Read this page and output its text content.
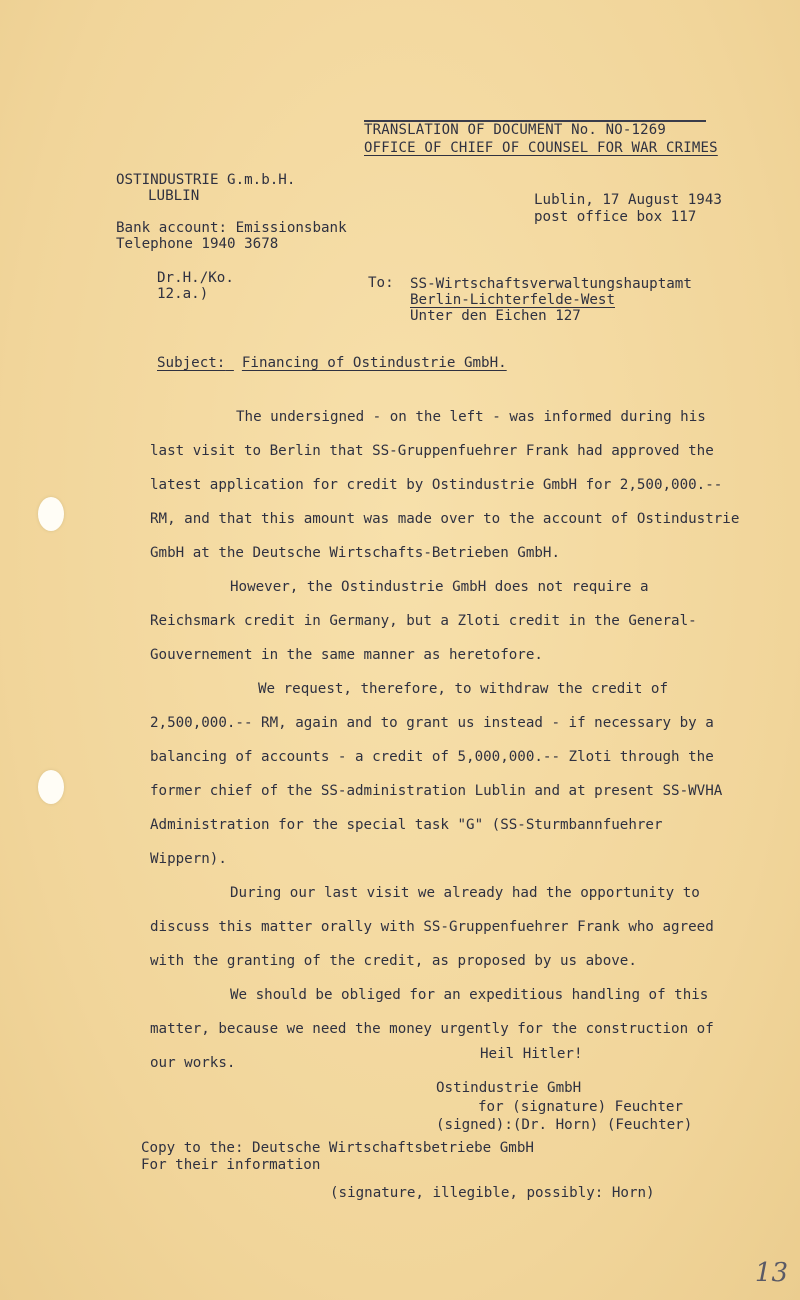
TRANSLATION OF DOCUMENT No. NO-1269
OFFICE OF CHIEF OF COUNSEL FOR WAR CRIMES
OSTINDUSTRIE G.m.b.H.
LUBLIN
Bank account: Emissionsbank
Telephone 1940 3678
Dr.H./Ko.
12.a.)
Lublin, 17 August 1943
post office box 117
To: SS-Wirtschaftsverwaltungshauptamt
Berlin-Lichterfelde-West
Unter den Eichen 127
Subject: Financing of Ostindustrie GmbH.

The undersigned - on the left - was informed during his last visit to Berlin that SS-Gruppenfuehrer Frank had approved the latest application for credit by Ostindustrie GmbH for 2,500,000.-- RM, and that this amount was made over to the account of Ostindustrie GmbH at the Deutsche Wirtschafts-Betrieben GmbH.

However, the Ostindustrie GmbH does not require a Reichsmark credit in Germany, but a Zloti credit in the General-Gouvernement in the same manner as heretofore.

We request, therefore, to withdraw the credit of 2,500,000.-- RM, again and to grant us instead - if necessary by a balancing of accounts - a credit of 5,000,000.-- Zloti through the former chief of the SS-administration Lublin and at present SS-WVHA Administration for the special task "G" (SS-Sturmbannfuehrer Wippern).

During our last visit we already had the opportunity to discuss this matter orally with SS-Gruppenfuehrer Frank who agreed with the granting of the credit, as proposed by us above.

We should be obliged for an expeditious handling of this matter, because we need the money urgently for the construction of our works.

Heil Hitler!
Ostindustrie GmbH
for (signature) Feuchter
(signed):(Dr. Horn) (Feuchter)
Copy to the: Deutsche Wirtschaftsbetriebe GmbH
For their information
(signature, illegible, possibly: Horn)
13
